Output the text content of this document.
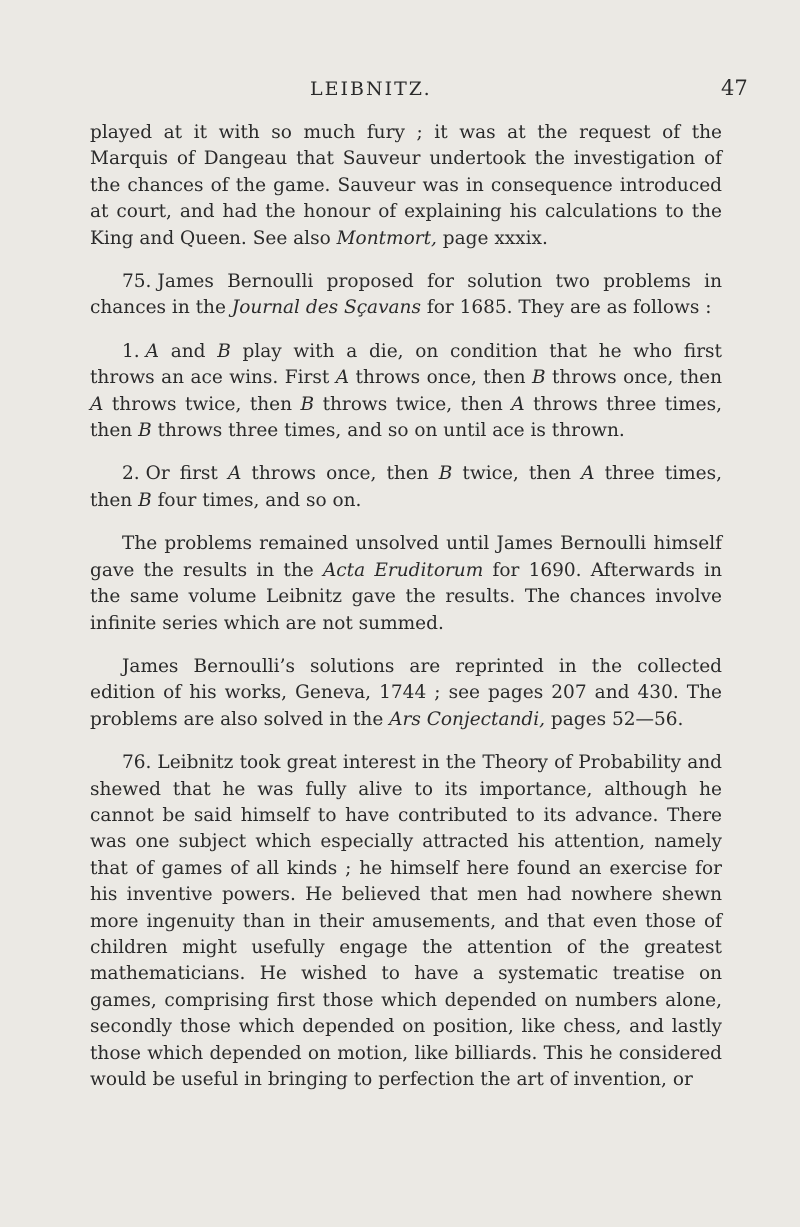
LEIBNITZ.	47

played at it with so much fury ; it was at the request of the Marquis of Dangeau that Sauveur undertook the investigation of the chances of the game. Sauveur was in consequence introduced at court, and had the honour of explaining his calculations to the King and Queen. See also Montmort, page xxxix.

75. James Bernoulli proposed for solution two problems in chances in the Journal des Sçavans for 1685. They are as follows :

1. A and B play with a die, on condition that he who first throws an ace wins. First A throws once, then B throws once, then A throws twice, then B throws twice, then A throws three times, then B throws three times, and so on until ace is thrown.

2. Or first A throws once, then B twice, then A three times, then B four times, and so on.

The problems remained unsolved until James Bernoulli himself gave the results in the Acta Eruditorum for 1690. Afterwards in the same volume Leibnitz gave the results. The chances involve infinite series which are not summed.

James Bernoulli’s solutions are reprinted in the collected edition of his works, Geneva, 1744 ; see pages 207 and 430. The problems are also solved in the Ars Conjectandi, pages 52—56.

76. Leibnitz took great interest in the Theory of Probability and shewed that he was fully alive to its importance, although he cannot be said himself to have contributed to its advance. There was one subject which especially attracted his attention, namely that of games of all kinds ; he himself here found an exercise for his inventive powers. He believed that men had nowhere shewn more ingenuity than in their amusements, and that even those of children might usefully engage the attention of the greatest mathematicians. He wished to have a systematic treatise on games, comprising first those which depended on numbers alone, secondly those which depended on position, like chess, and lastly those which depended on motion, like billiards. This he considered would be useful in bringing to perfection the art of invention, or
